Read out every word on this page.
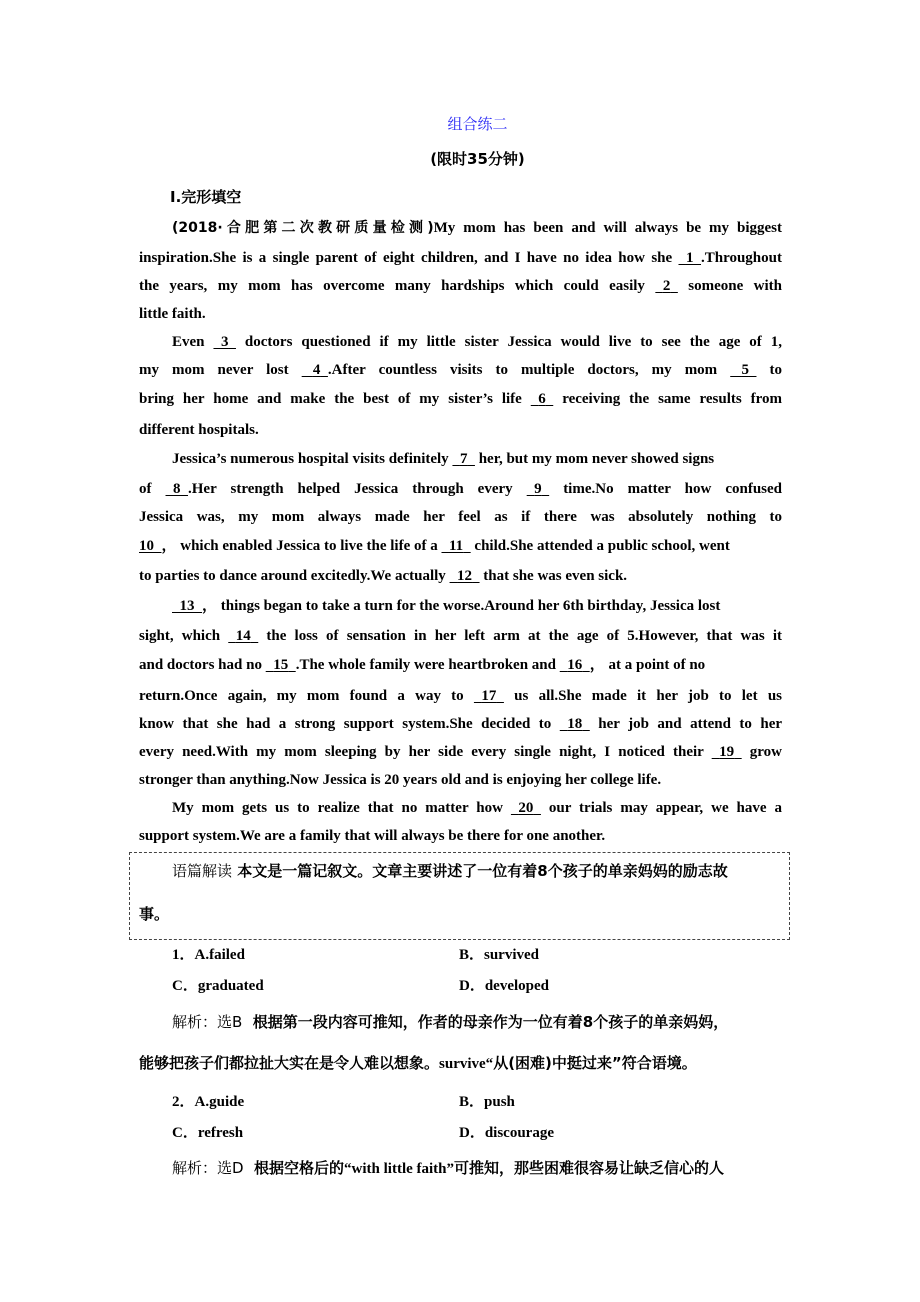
组合练二
(限时35分钟)
Ⅰ.完形填空
(2018·合肥第二次教研质量检测)My mom has been and will always be my biggest
inspiration.She is a single parent of eight children, and I have no idea how she   1 .Throughout
the years, my mom has overcome many hardships which could easily   2   someone with
little faith.
Even   3   doctors questioned if my little sister Jessica would live to see the age of 1,
my mom never lost    4 .After countless visits to multiple doctors, my mom    5   to
bring her home and make the best of my sister’s life   6   receiving the same results from
different hospitals.
Jessica’s numerous hospital visits definitely   7   her, but my mom never showed signs
of   8 .Her strength helped Jessica through every   9   time.No matter how confused
Jessica was, my mom always made her feel as if there was absolutely nothing to
10 ， which enabled Jessica to live the life of a   11   child.She attended a public school, went
to parties to dance around excitedly.We actually   12   that she was even sick.
13 ， things began to take a turn for the worse.Around her 6th birthday, Jessica lost
sight, which   14   the loss of sensation in her left arm at the age of 5.However, that was it
and doctors had no   15 .The whole family were heartbroken and   16 ， at a point of no
return.Once again, my mom found a way to   17   us all.She made it her job to let us
know that she had a strong support system.She decided to   18   her job and attend to her
every need.With my mom sleeping by her side every single night, I noticed their   19   grow
stronger than anything.Now Jessica is 20 years old and is enjoying her college life.
My mom gets us to realize that no matter how   20   our trials may appear, we have a
support system.We are a family that will always be there for one another.
语篇解读 本文是一篇记叙文。文章主要讲述了一位有着8个孩子的单亲妈妈的励志故
事。
1．A.failed	B．survived
C．graduated	D．developed
解析：选B 根据第一段内容可推知，作者的母亲作为一位有着8个孩子的单亲妈妈，
能够把孩子们都拉扯大实在是令人难以想象。survive“从(困难)中挺过来”符合语境。
2．A.guide	B．push
C．refresh	D．discourage
解析：选D 根据空格后的“with little faith”可推知，那些困难很容易让缺乏信心的人
